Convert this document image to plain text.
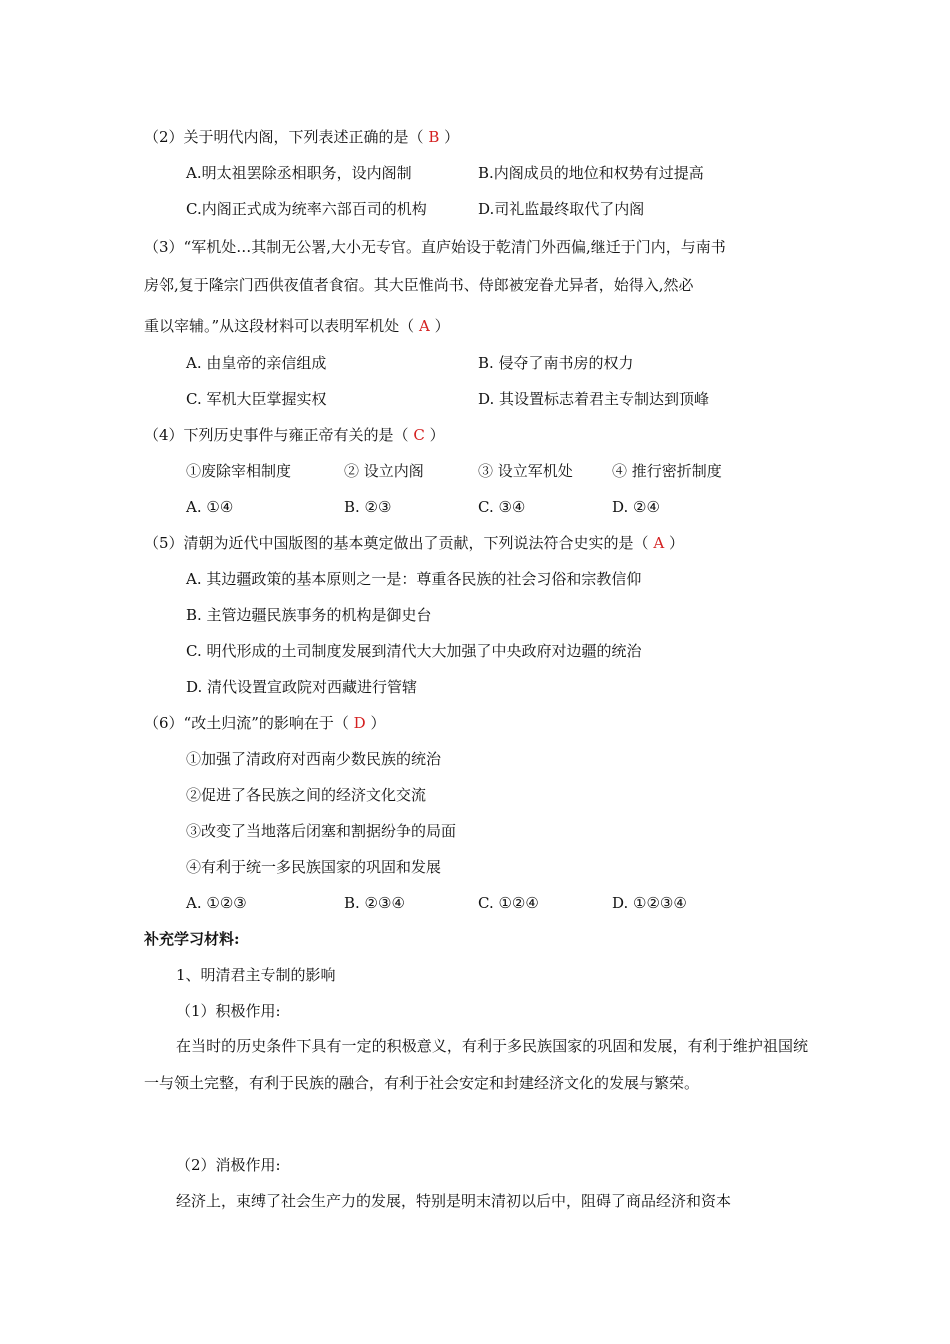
（2）关于明代内阁，下列表述正确的是（ B ）
A.明太祖罢除丞相职务，设内阁制	B.内阁成员的地位和权势有过提高
C.内阁正式成为统率六部百司的机构	D.司礼监最终取代了内阁
（3）“军机处…其制无公署,大小无专官。直庐始设于乾清门外西偏,继迁于门内，与南书
房邻,复于隆宗门西供夜值者食宿。其大臣惟尚书、侍郎被宠眷尤异者，始得入,然必
重以宰辅。”从这段材料可以表明军机处（ A ）
A. 由皇帝的亲信组成	B. 侵夺了南书房的权力
C. 军机大臣掌握实权	D. 其设置标志着君主专制达到顶峰
（4）下列历史事件与雍正帝有关的是（ C ）
①废除宰相制度	② 设立内阁	③ 设立军机处	④ 推行密折制度
A. ①④	B. ②③	C. ③④	D. ②④
（5）清朝为近代中国版图的基本奠定做出了贡献，下列说法符合史实的是（ A ）
A. 其边疆政策的基本原则之一是：尊重各民族的社会习俗和宗教信仰
B. 主管边疆民族事务的机构是御史台
C. 明代形成的土司制度发展到清代大大加强了中央政府对边疆的统治
D. 清代设置宣政院对西藏进行管辖
（6）“改土归流”的影响在于（ D ）
①加强了清政府对西南少数民族的统治
②促进了各民族之间的经济文化交流
③改变了当地落后闭塞和割据纷争的局面
④有利于统一多民族国家的巩固和发展
A. ①②③	B. ②③④	C. ①②④	D. ①②③④
补充学习材料:
1、明清君主专制的影响
（1）积极作用:
在当时的历史条件下具有一定的积极意义，有利于多民族国家的巩固和发展，有利于维护祖国统一与领土完整，有利于民族的融合，有利于社会安定和封建经济文化的发展与繁荣。
（2）消极作用:
经济上，束缚了社会生产力的发展，特别是明末清初以后中，阻碍了商品经济和资本
